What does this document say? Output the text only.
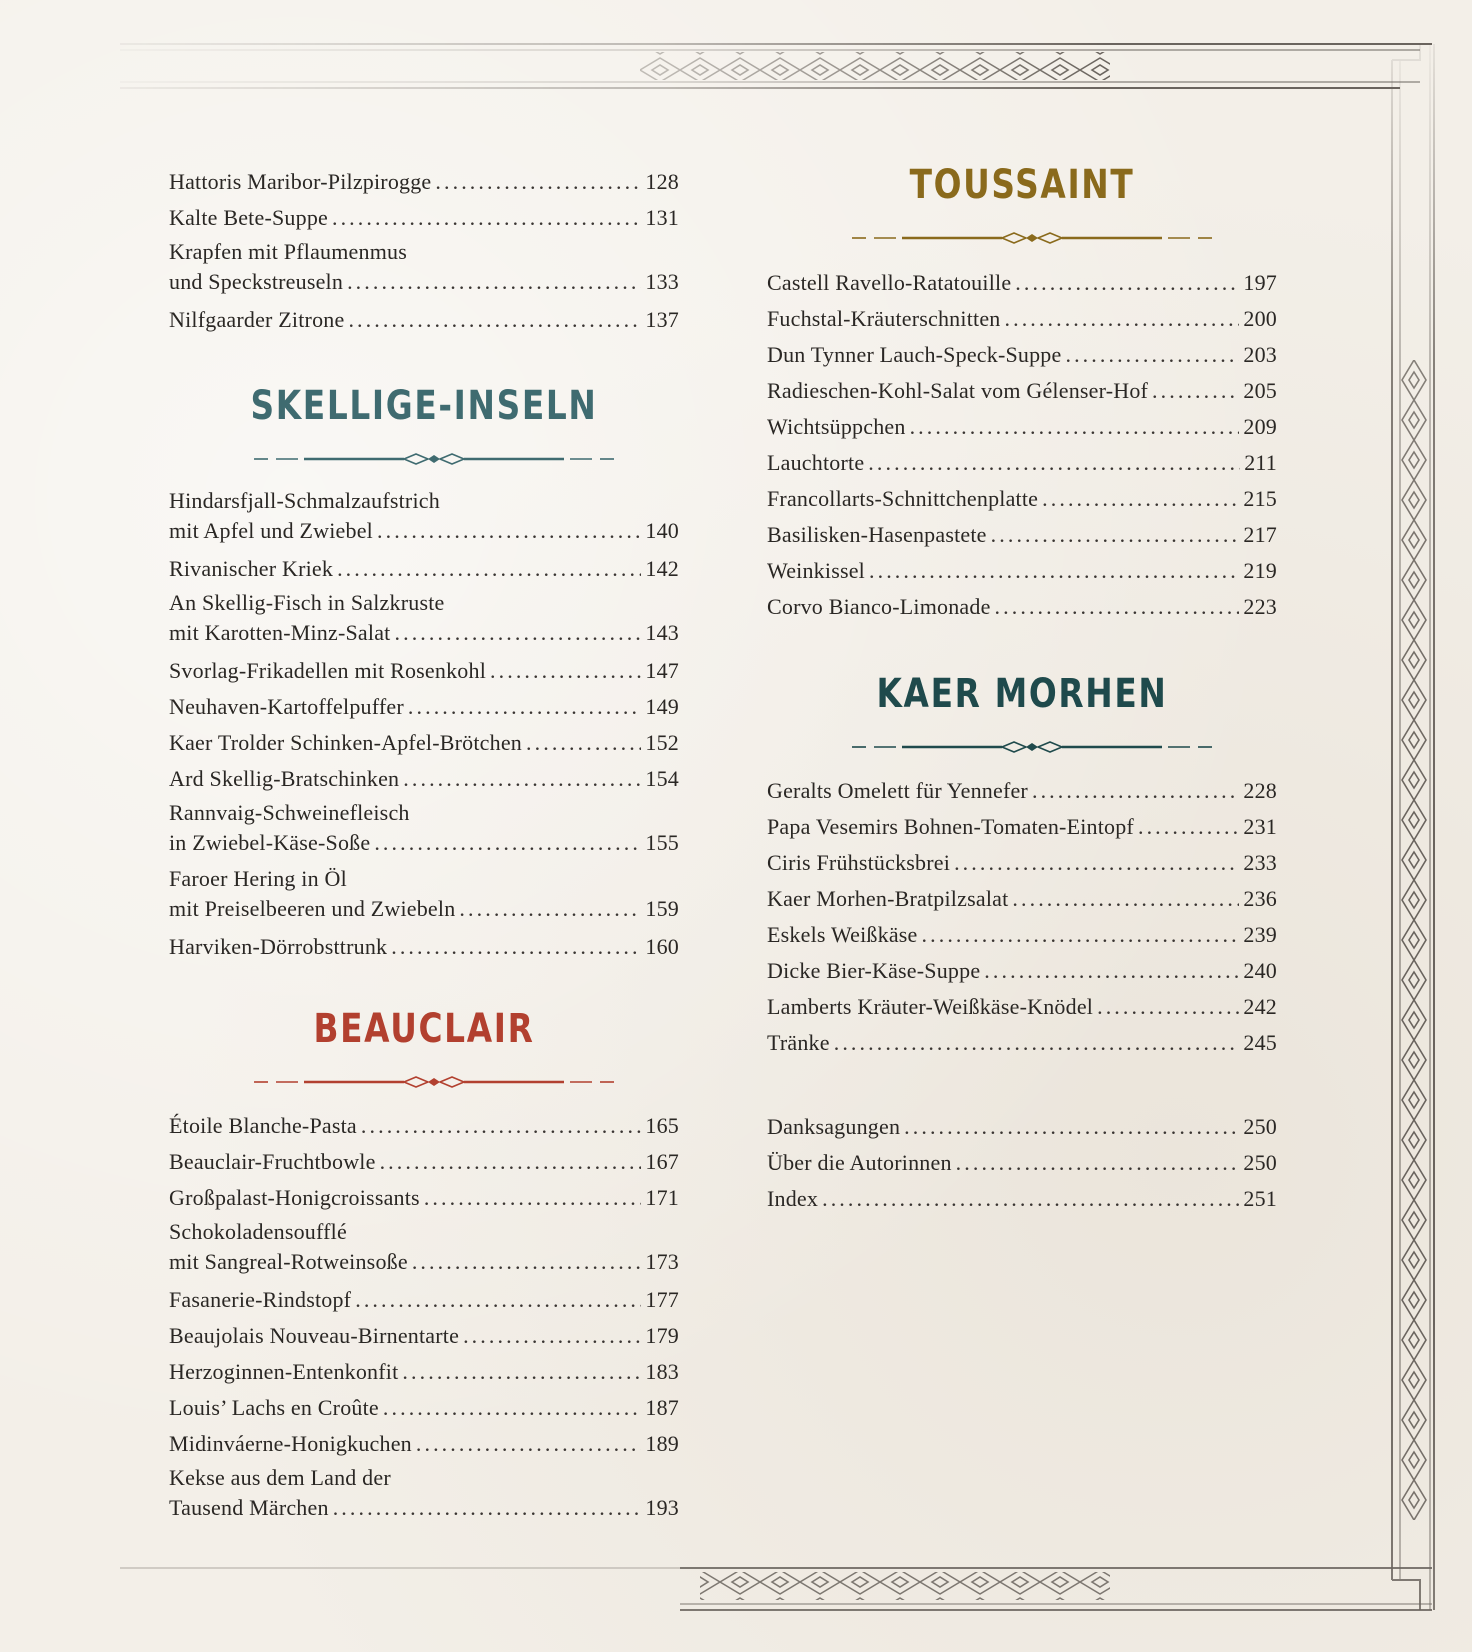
Hattoris Maribor-Pilzpirogge . . .	128
Kalte Bete-Suppe . . .	131
Krapfen mit Pflaumenmus
und Speckstreuseln . . .	133
Nilfgaarder Zitrone . . .	137
SKELLIGE-INSELN
Hindarsfjall-Schmalzaufstrich
mit Apfel und Zwiebel . . .	140
Rivanischer Kriek . . .	142
An Skellig-Fisch in Salzkruste
mit Karotten-Minz-Salat . . .	143
Svorlag-Frikadellen mit Rosenkohl . . .	147
Neuhaven-Kartoffelpuffer . . .	149
Kaer Trolder Schinken-Apfel-Brötchen . . .	152
Ard Skellig-Bratschinken . . .	154
Rannvaig-Schweinefleisch
in Zwiebel-Käse-Soße . . .	155
Faroer Hering in Öl
mit Preiselbeeren und Zwiebeln . . .	159
Harviken-Dörrobsttrunk . . .	160
BEAUCLAIR
Étoile Blanche-Pasta . . .	165
Beauclair-Fruchtbowle . . .	167
Großpalast-Honigcroissants . . .	171
Schokoladensoufflé
mit Sangreal-Rotweinsoße . . .	173
Fasanerie-Rindstopf . . .	177
Beaujolais Nouveau-Birnentarte . . .	179
Herzoginnen-Entenkonfit . . .	183
Louis’ Lachs en Croûte . . .	187
Midinváerne-Honigkuchen . . .	189
Kekse aus dem Land der
Tausend Märchen . . .	193
TOUSSAINT
Castell Ravello-Ratatouille . . .	197
Fuchstal-Kräuterschnitten . . .	200
Dun Tynner Lauch-Speck-Suppe . . .	203
Radieschen-Kohl-Salat vom Gélenser-Hof . . .	205
Wichtsüppchen . . .	209
Lauchtorte . . .	211
Francollarts-Schnittchenplatte . . .	215
Basilisken-Hasenpastete . . .	217
Weinkissel . . .	219
Corvo Bianco-Limonade . . .	223
KAER MORHEN
Geralts Omelett für Yennefer . . .	228
Papa Vesemirs Bohnen-Tomaten-Eintopf . . .	231
Ciris Frühstücksbrei . . .	233
Kaer Morhen-Bratpilzsalat . . .	236
Eskels Weißkäse . . .	239
Dicke Bier-Käse-Suppe . . .	240
Lamberts Kräuter-Weißkäse-Knödel . . .	242
Tränke . . .	245
Danksagungen . . .	250
Über die Autorinnen . . .	250
Index . . .	251
